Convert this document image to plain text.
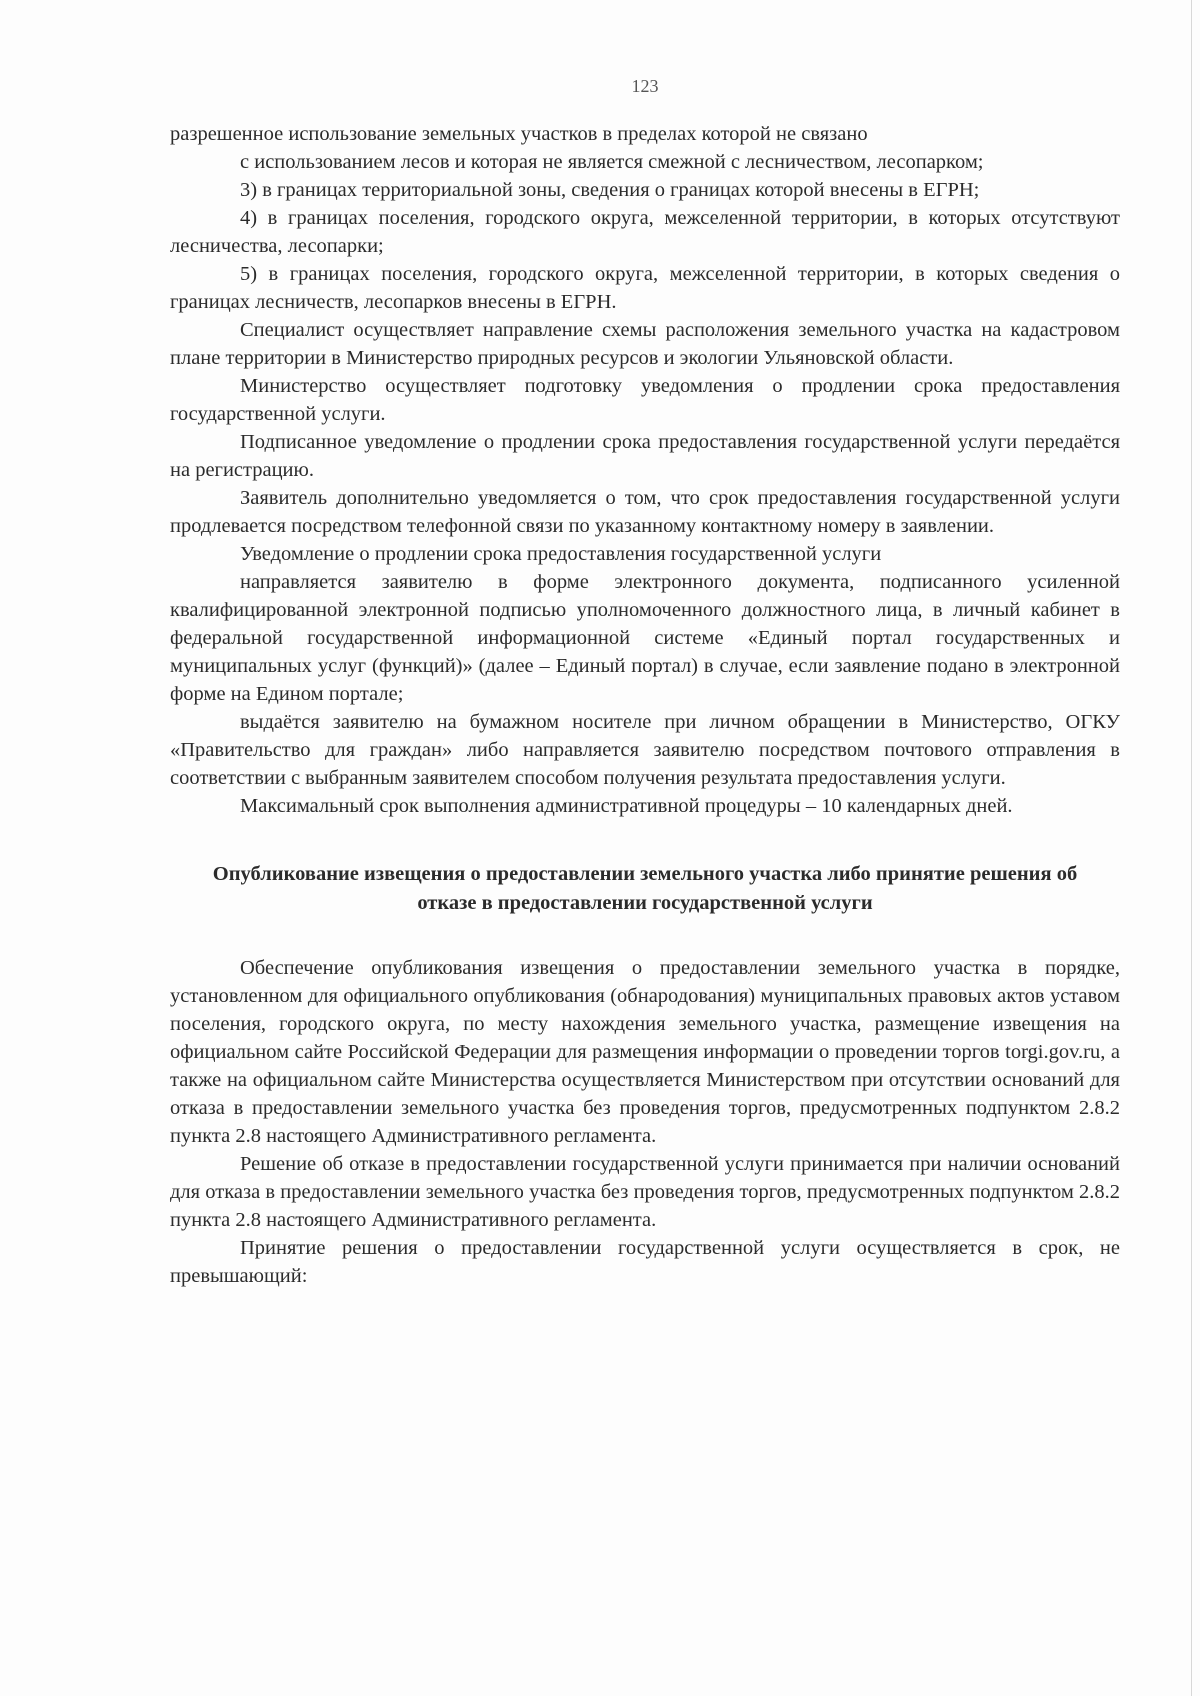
123

разрешенное использование земельных участков в пределах которой не связано

с использованием лесов и которая не является смежной с лесничеством, лесопарком;

3) в границах территориальной зоны, сведения о границах которой внесены в ЕГРН;

4) в границах поселения, городского округа, межселенной территории, в которых отсутствуют лесничества, лесопарки;

5) в границах поселения, городского округа, межселенной территории, в которых сведения о границах лесничеств, лесопарков внесены в ЕГРН.

Специалист осуществляет направление схемы расположения земельного участка на кадастровом плане территории в Министерство природных ресурсов и экологии Ульяновской области.

Министерство осуществляет подготовку уведомления о продлении срока предоставления государственной услуги.

Подписанное уведомление о продлении срока предоставления государственной услуги передаётся на регистрацию.

Заявитель дополнительно уведомляется о том, что срок предоставления государственной услуги продлевается посредством телефонной связи по указанному контактному номеру в заявлении.

Уведомление о продлении срока предоставления государственной услуги

направляется заявителю в форме электронного документа, подписанного усиленной квалифицированной электронной подписью уполномоченного должностного лица, в личный кабинет в федеральной государственной информационной системе «Единый портал государственных и муниципальных услуг (функций)» (далее – Единый портал) в случае, если заявление подано в электронной форме на Едином портале;

выдаётся заявителю на бумажном носителе при личном обращении в Министерство, ОГКУ «Правительство для граждан» либо направляется заявителю посредством почтового отправления в соответствии с выбранным заявителем способом получения результата предоставления услуги.

Максимальный срок выполнения административной процедуры – 10 календарных дней.

Опубликование извещения о предоставлении земельного участка либо принятие решения об отказе в предоставлении государственной услуги

Обеспечение опубликования извещения о предоставлении земельного участка в порядке, установленном для официального опубликования (обнародования) муниципальных правовых актов уставом поселения, городского округа, по месту нахождения земельного участка, размещение извещения на официальном сайте Российской Федерации для размещения информации о проведении торгов torgi.gov.ru, а также на официальном сайте Министерства осуществляется Министерством при отсутствии оснований для отказа в предоставлении земельного участка без проведения торгов, предусмотренных подпунктом 2.8.2 пункта 2.8 настоящего Административного регламента.

Решение об отказе в предоставлении государственной услуги принимается при наличии оснований для отказа в предоставлении земельного участка без проведения торгов, предусмотренных подпунктом 2.8.2 пункта 2.8 настоящего Административного регламента.

Принятие решения о предоставлении государственной услуги осуществляется в срок, не превышающий:
